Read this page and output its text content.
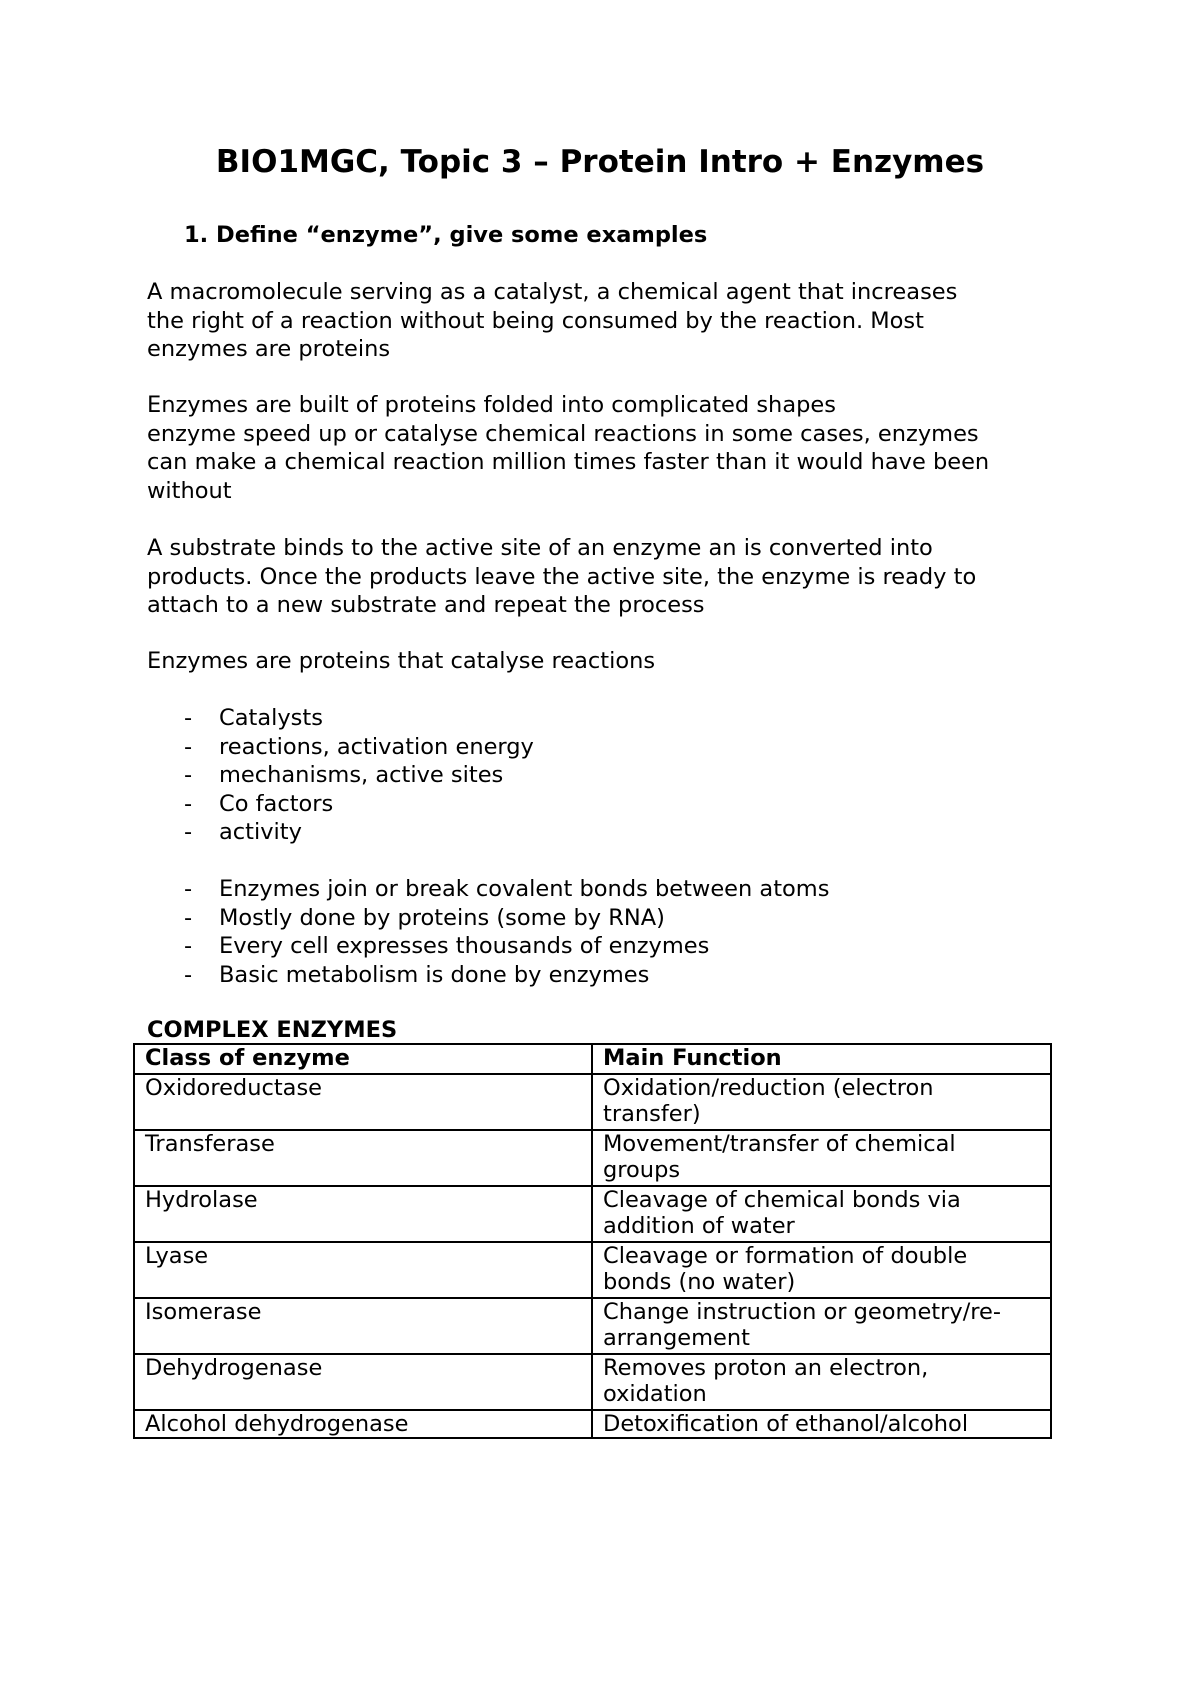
BIO1MGC, Topic 3 – Protein Intro + Enzymes
1. Define “enzyme”, give some examples

A macromolecule serving as a catalyst, a chemical agent that increases
the right of a reaction without being consumed by the reaction. Most
enzymes are proteins

Enzymes are built of proteins folded into complicated shapes
enzyme speed up or catalyse chemical reactions in some cases, enzymes
can make a chemical reaction million times faster than it would have been
without

A substrate binds to the active site of an enzyme an is converted into
products. Once the products leave the active site, the enzyme is ready to
attach to a new substrate and repeat the process

Enzymes are proteins that catalyse reactions

- Catalysts
- reactions, activation energy
- mechanisms, active sites
- Co factors
- activity
- Enzymes join or break covalent bonds between atoms
- Mostly done by proteins (some by RNA)
- Every cell expresses thousands of enzymes
- Basic metabolism is done by enzymes
COMPLEX ENZYMES
Class of enzyme	Main Function
Oxidoreductase	Oxidation/reduction (electron
transfer)
Transferase	Movement/transfer of chemical
groups
Hydrolase	Cleavage of chemical bonds via
addition of water
Lyase	Cleavage or formation of double
bonds (no water)
Isomerase	Change instruction or geometry/re-
arrangement
Dehydrogenase	Removes proton an electron,
oxidation
Alcohol dehydrogenase	Detoxification of ethanol/alcohol
